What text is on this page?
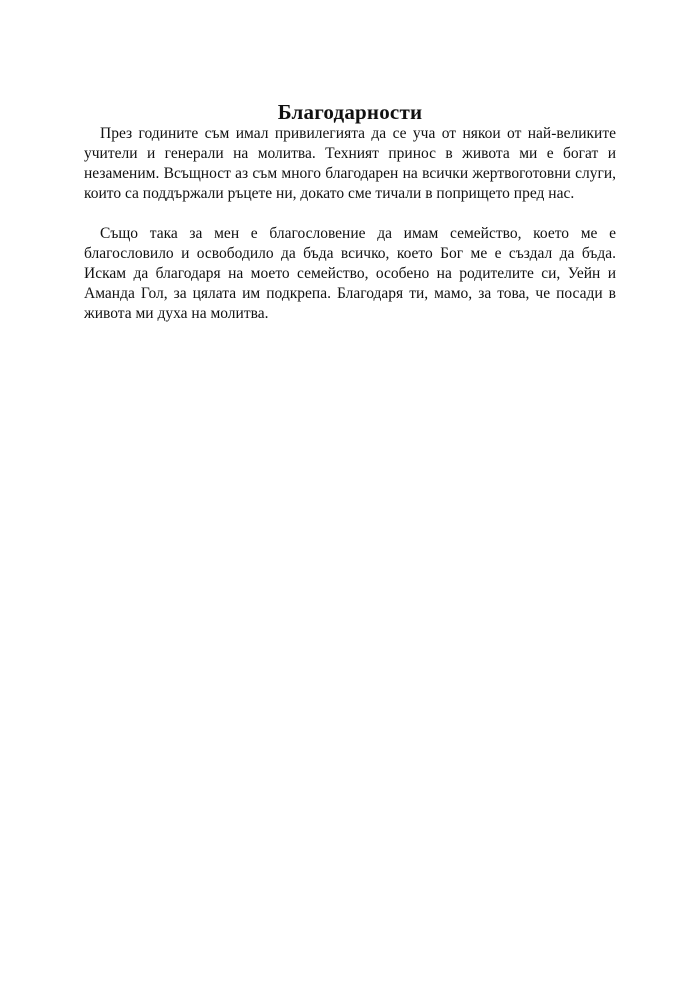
Благодарности

През годините съм имал привилегията да се уча от някои от най-великите учители и генерали на молитва. Техният принос в живота ми е богат и незаменим. Всъщност аз съм много благодарен на всички жертвоготовни слуги, които са поддържали ръцете ни, докато сме тичали в попрището пред нас.

Също така за мен е благословение да имам семейство, което ме е благословило и освободило да бъда всичко, което Бог ме е създал да бъда. Искам да благодаря на моето семейство, особено на родителите си, Уейн и Аманда Гол, за цялата им подкрепа. Благодаря ти, мамо, за това, че посади в живота ми духа на молитва.
